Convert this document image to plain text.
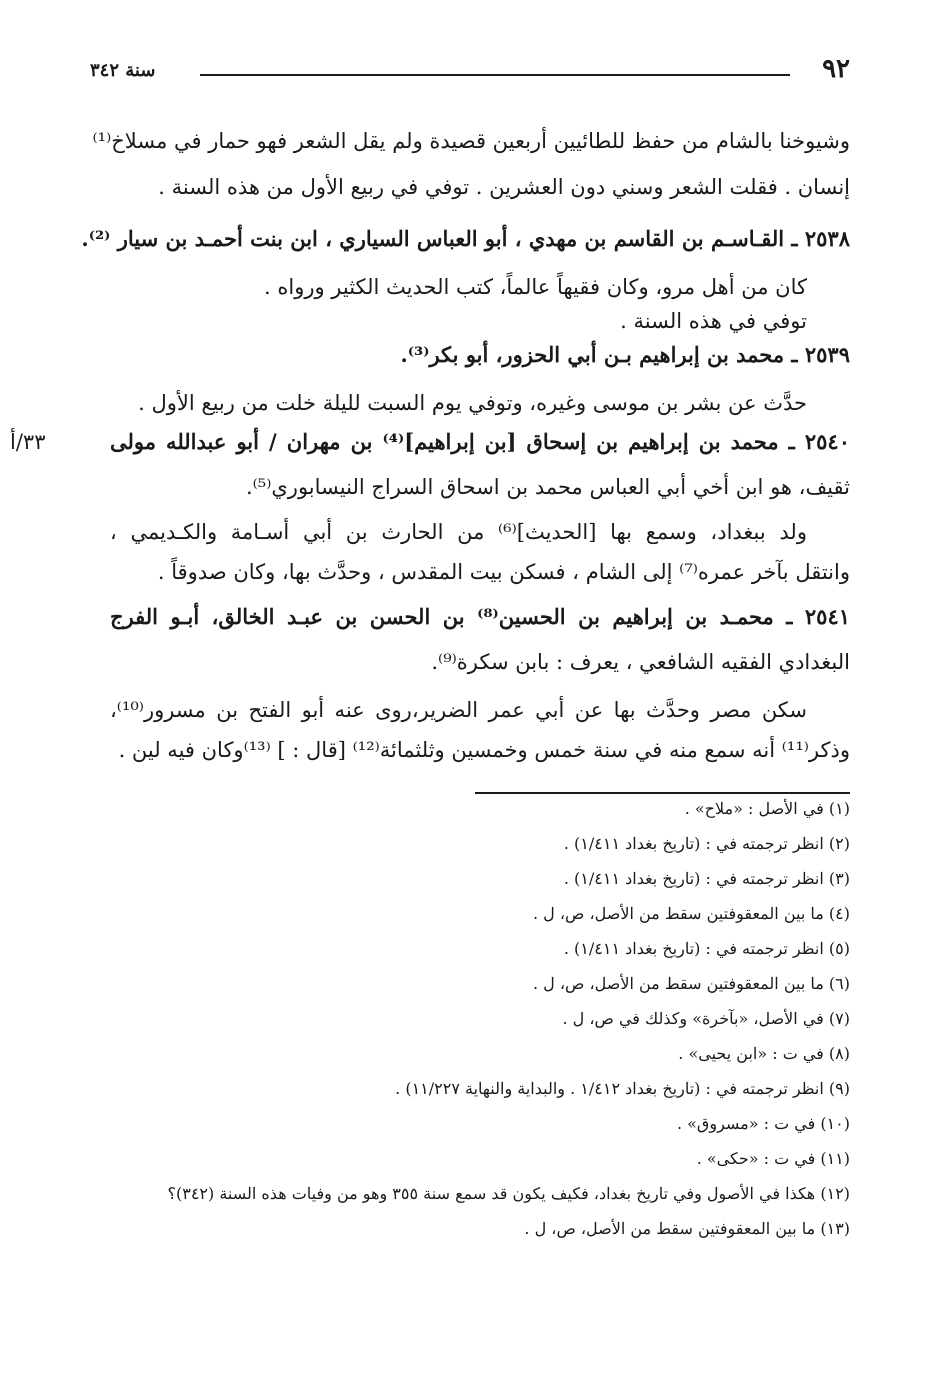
٩٢
سنة ٣٤٢
٣٣/أ
وشيوخنا بالشام من حفظ للطائيين أربعين قصيدة ولم يقل الشعر فهو حمار في مسلاخ⁽¹⁾
إنسان . فقلت الشعر وسني دون العشرين . توفي في ربيع الأول من هذه السنة .
٢٥٣٨ ـ القـاسـم بن القاسم بن مهدي ، أبو العباس السياري ، ابن بنت أحمـد بن سيار ⁽²⁾.
كان من أهل مرو، وكان فقيهاً عالماً، كتب الحديث الكثير ورواه .
توفي في هذه السنة .
٢٥٣٩ ـ محمد بن إبراهيم بـن أبي الحزور، أبو بكر⁽³⁾.
حدَّث عن بشر بن موسى وغيره، وتوفي يوم السبت لليلة خلت من ربيع الأول .
٢٥٤٠ ـ محمد بن إبراهيم بن إسحاق [بن إبراهيم]⁽⁴⁾ بن مهران / أبو عبدالله مولى
ثقيف، هو ابن أخي أبي العباس محمد بن اسحاق السراج النيسابوري⁽⁵⁾.
ولد ببغداد، وسمع بها [الحديث]⁽⁶⁾ من الحارث بن أبي أسـامة والكـديمي ،
وانتقل بآخر عمره⁽⁷⁾ إلى الشام ، فسكن بيت المقدس ، وحدَّث بها، وكان صدوقاً .
٢٥٤١ ـ محمـد بن إبراهيم بن الحسين⁽⁸⁾ بن الحسن بن عبـد الخالق، أبـو الفرج
البغدادي الفقيه الشافعي ، يعرف : بابن سكرة⁽⁹⁾.
سكن مصر وحدَّث بها عن أبي عمر الضرير،روى عنه أبو الفتح بن مسرور⁽¹⁰⁾،
وذكر⁽¹¹⁾ أنه سمع منه في سنة خمس وخمسين وثلثمائة⁽¹²⁾ [قال : ] ⁽¹³⁾وكان فيه لين .
(١) في الأصل : «ملاح» .
(٢) انظر ترجمته في : (تاريخ بغداد ١/٤١١) .
(٣) انظر ترجمته في : (تاريخ بغداد ١/٤١١) .
(٤) ما بين المعقوفتين سقط من الأصل، ص، ل .
(٥) انظر ترجمته في : (تاريخ بغداد ١/٤١١) .
(٦) ما بين المعقوفتين سقط من الأصل، ص، ل .
(٧) في الأصل، «بآخرة» وكذلك في ص، ل .
(٨) في ت : «ابن يحيى» .
(٩) انظر ترجمته في : (تاريخ بغداد ١/٤١٢ . والبداية والنهاية ١١/٢٢٧) .
(١٠) في ت : «مسروق» .
(١١) في ت : «حكى» .
(١٢) هكذا في الأصول وفي تاريخ بغداد، فكيف يكون قد سمع سنة ٣٥٥ وهو من وفيات هذه السنة (٣٤٢)؟
(١٣) ما بين المعقوفتين سقط من الأصل، ص، ل .
